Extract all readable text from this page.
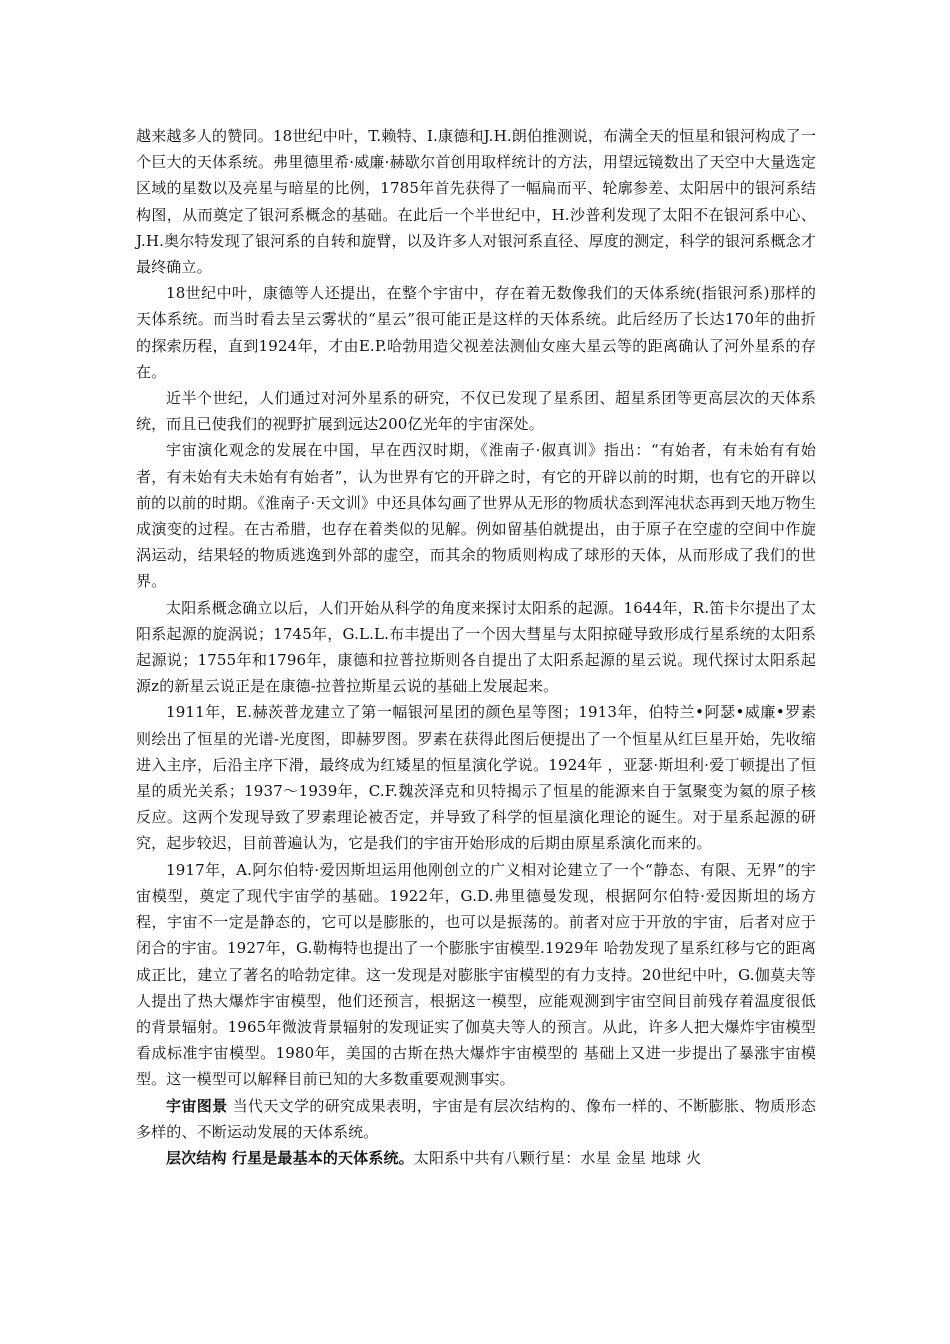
越来越多人的赞同。18世纪中叶，T.赖特、I.康德和J.H.朗伯推测说，布满全天的恒星和银河构成了一个巨大的天体系统。弗里德里希·威廉·赫歇尔首创用取样统计的方法，用望远镜数出了天空中大量选定区域的星数以及亮星与暗星的比例，1785年首先获得了一幅扁而平、轮廓参差、太阳居中的银河系结构图，从而奠定了银河系概念的基础。在此后一个半世纪中，H.沙普利发现了太阳不在银河系中心、J.H.奥尔特发现了银河系的自转和旋臂，以及许多人对银河系直径、厚度的测定，科学的银河系概念才最终确立。

18世纪中叶，康德等人还提出，在整个宇宙中，存在着无数像我们的天体系统(指银河系)那样的天体系统。而当时看去呈云雾状的“星云”很可能正是这样的天体系统。此后经历了长达170年的曲折的探索历程，直到1924年，才由E.P.哈勃用造父视差法测仙女座大星云等的距离确认了河外星系的存在。

近半个世纪，人们通过对河外星系的研究，不仅已发现了星系团、超星系团等更高层次的天体系统，而且已使我们的视野扩展到远达200亿光年的宇宙深处。

宇宙演化观念的发展在中国，早在西汉时期，《淮南子·俶真训》指出：“有始者，有未始有有始者，有未始有夫未始有有始者”，认为世界有它的开辟之时，有它的开辟以前的时期，也有它的开辟以前的以前的时期。《淮南子·天文训》中还具体勾画了世界从无形的物质状态到浑沌状态再到天地万物生成演变的过程。在古希腊，也存在着类似的见解。例如留基伯就提出，由于原子在空虚的空间中作旋涡运动，结果轻的物质逃逸到外部的虚空，而其余的物质则构成了球形的天体，从而形成了我们的世界。

太阳系概念确立以后，人们开始从科学的角度来探讨太阳系的起源。1644年，R.笛卡尔提出了太阳系起源的旋涡说；1745年，G.L.L.布丰提出了一个因大彗星与太阳掠碰导致形成行星系统的太阳系起源说；1755年和1796年，康德和拉普拉斯则各自提出了太阳系起源的星云说。现代探讨太阳系起源z的新星云说正是在康德-拉普拉斯星云说的基础上发展起来。

1911年，E.赫茨普龙建立了第一幅银河星团的颜色星等图；1913年，伯特兰•阿瑟•威廉•罗素则绘出了恒星的光谱-光度图，即赫罗图。罗素在获得此图后便提出了一个恒星从红巨星开始，先收缩进入主序，后沿主序下滑，最终成为红矮星的恒星演化学说。1924年 ，亚瑟·斯坦利·爱丁顿提出了恒星的质光关系；1937～1939年，C.F.魏茨泽克和贝特揭示了恒星的能源来自于氢聚变为氦的原子核反应。这两个发现导致了罗素理论被否定，并导致了科学的恒星演化理论的诞生。对于星系起源的研究，起步较迟，目前普遍认为，它是我们的宇宙开始形成的后期由原星系演化而来的。

1917年，A.阿尔伯特·爱因斯坦运用他刚创立的广义相对论建立了一个“静态、有限、无界”的宇宙模型，奠定了现代宇宙学的基础。1922年，G.D.弗里德曼发现，根据阿尔伯特·爱因斯坦的场方程，宇宙不一定是静态的，它可以是膨胀的，也可以是振荡的。前者对应于开放的宇宙，后者对应于闭合的宇宙。1927年，G.勒梅特也提出了一个膨胀宇宙模型.1929年 哈勃发现了星系红移与它的距离成正比，建立了著名的哈勃定律。这一发现是对膨胀宇宙模型的有力支持。20世纪中叶，G.伽莫夫等人提出了热大爆炸宇宙模型，他们还预言，根据这一模型，应能观测到宇宙空间目前残存着温度很低的背景辐射。1965年微波背景辐射的发现证实了伽莫夫等人的预言。从此，许多人把大爆炸宇宙模型看成标准宇宙模型。1980年，美国的古斯在热大爆炸宇宙模型的 基础上又进一步提出了暴涨宇宙模型。这一模型可以解释目前已知的大多数重要观测事实。

宇宙图景 当代天文学的研究成果表明，宇宙是有层次结构的、像布一样的、不断膨胀、物质形态多样的、不断运动发展的天体系统。

层次结构 行星是最基本的天体系统。太阳系中共有八颗行星：水星 金星 地球 火
